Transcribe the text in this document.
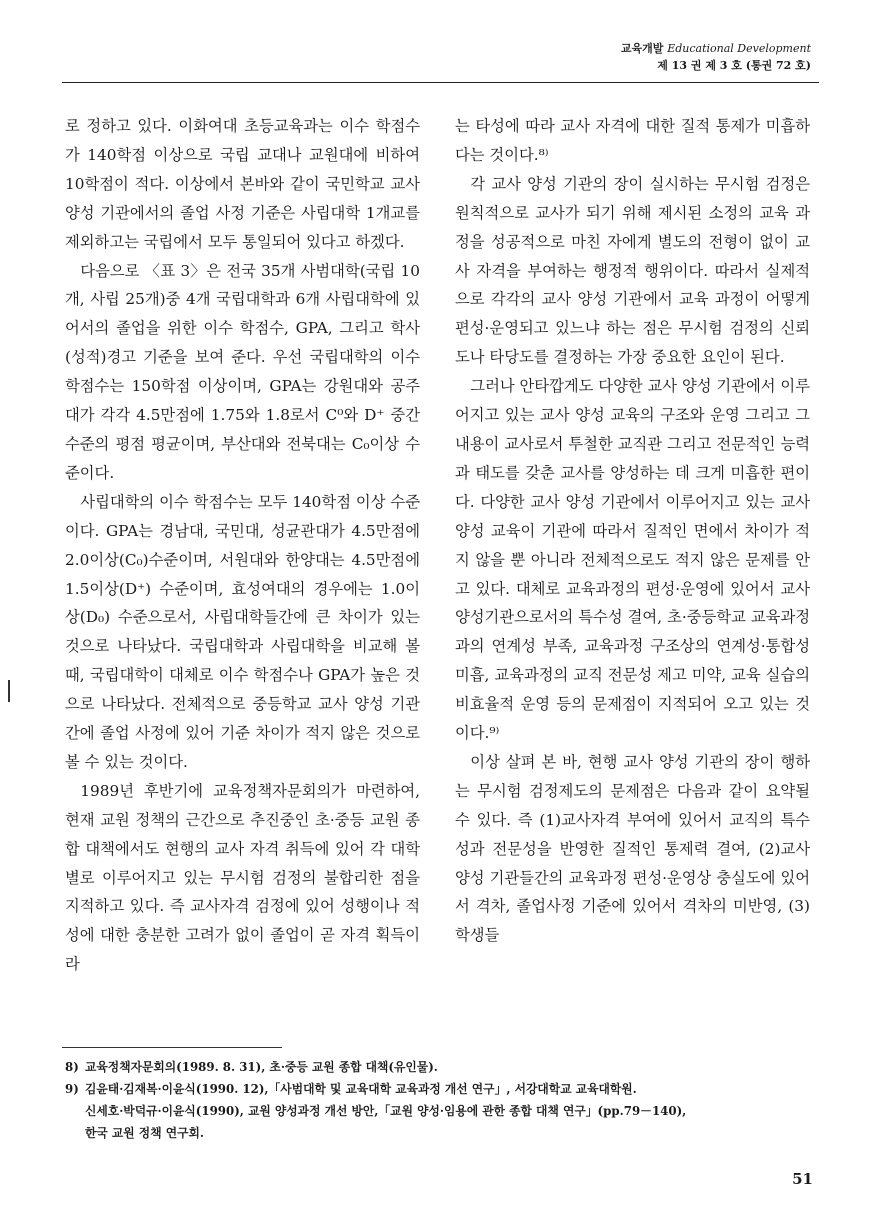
교육개발 Educational Development
제 13 권 제 3 호 (통권 72 호)

로 정하고 있다. 이화여대 초등교육과는 이수 학점수가 140학점 이상으로 국립 교대나 교원대에 비하여 10학점이 적다. 이상에서 본바와 같이 국민학교 교사 양성 기관에서의 졸업 사정 기준은 사립대학 1개교를 제외하고는 국립에서 모두 통일되어 있다고 하겠다.

다음으로 〈표 3〉은 전국 35개 사범대학(국립 10개, 사립 25개)중 4개 국립대학과 6개 사립대학에 있어서의 졸업을 위한 이수 학점수, GPA, 그리고 학사(성적)경고 기준을 보여 준다. 우선 국립대학의 이수 학점수는 150학점 이상이며, GPA는 강원대와 공주대가 각각 4.5만점에 1.75와 1.8로서 C⁰와 D⁺ 중간 수준의 평점 평균이며, 부산대와 전북대는 C₀이상 수준이다.

사립대학의 이수 학점수는 모두 140학점 이상 수준이다. GPA는 경남대, 국민대, 성균관대가 4.5만점에 2.0이상(C₀)수준이며, 서원대와 한양대는 4.5만점에 1.5이상(D⁺) 수준이며, 효성여대의 경우에는 1.0이상(D₀) 수준으로서, 사립대학들간에 큰 차이가 있는 것으로 나타났다. 국립대학과 사립대학을 비교해 볼 때, 국립대학이 대체로 이수 학점수나 GPA가 높은 것으로 나타났다. 전체적으로 중등학교 교사 양성 기관간에 졸업 사정에 있어 기준 차이가 적지 않은 것으로 볼 수 있는 것이다.

1989년 후반기에 교육정책자문회의가 마련하여, 현재 교원 정책의 근간으로 추진중인 초·중등 교원 종합 대책에서도 현행의 교사 자격 취득에 있어 각 대학별로 이루어지고 있는 무시험 검정의 불합리한 점을 지적하고 있다. 즉 교사자격 검정에 있어 성행이나 적성에 대한 충분한 고려가 없이 졸업이 곧 자격 획득이라

는 타성에 따라 교사 자격에 대한 질적 통제가 미흡하다는 것이다.⁸⁾

각 교사 양성 기관의 장이 실시하는 무시험 검정은 원칙적으로 교사가 되기 위해 제시된 소정의 교육 과정을 성공적으로 마친 자에게 별도의 전형이 없이 교사 자격을 부여하는 행정적 행위이다. 따라서 실제적으로 각각의 교사 양성 기관에서 교육 과정이 어떻게 편성·운영되고 있느냐 하는 점은 무시험 검정의 신뢰도나 타당도를 결정하는 가장 중요한 요인이 된다.

그러나 안타깝게도 다양한 교사 양성 기관에서 이루어지고 있는 교사 양성 교육의 구조와 운영 그리고 그 내용이 교사로서 투철한 교직관 그리고 전문적인 능력과 태도를 갖춘 교사를 양성하는 데 크게 미흡한 편이다. 다양한 교사 양성 기관에서 이루어지고 있는 교사 양성 교육이 기관에 따라서 질적인 면에서 차이가 적지 않을 뿐 아니라 전체적으로도 적지 않은 문제를 안고 있다. 대체로 교육과정의 편성·운영에 있어서 교사양성기관으로서의 특수성 결여, 초·중등학교 교육과정과의 연계성 부족, 교육과정 구조상의 연계성·통합성 미흡, 교육과정의 교직 전문성 제고 미약, 교육 실습의 비효율적 운영 등의 문제점이 지적되어 오고 있는 것이다.⁹⁾

이상 살펴 본 바, 현행 교사 양성 기관의 장이 행하는 무시험 검정제도의 문제점은 다음과 같이 요약될 수 있다. 즉 (1)교사자격 부여에 있어서 교직의 특수성과 전문성을 반영한 질적인 통제력 결여, (2)교사 양성 기관들간의 교육과정 편성·운영상 충실도에 있어서 격차, 졸업사정 기준에 있어서 격차의 미반영, (3)학생들

8) 교육정책자문회의(1989. 8. 31), 초·중등 교원 종합 대책(유인물).
9) 김윤태·김재복·이윤식(1990. 12),「사범대학 및 교육대학 교육과정 개선 연구」, 서강대학교 교육대학원.
신세호·박덕규·이윤식(1990), 교원 양성과정 개선 방안,「교원 양성·임용에 관한 종합 대책 연구」(pp.79－140),
한국 교원 정책 연구회.
51
